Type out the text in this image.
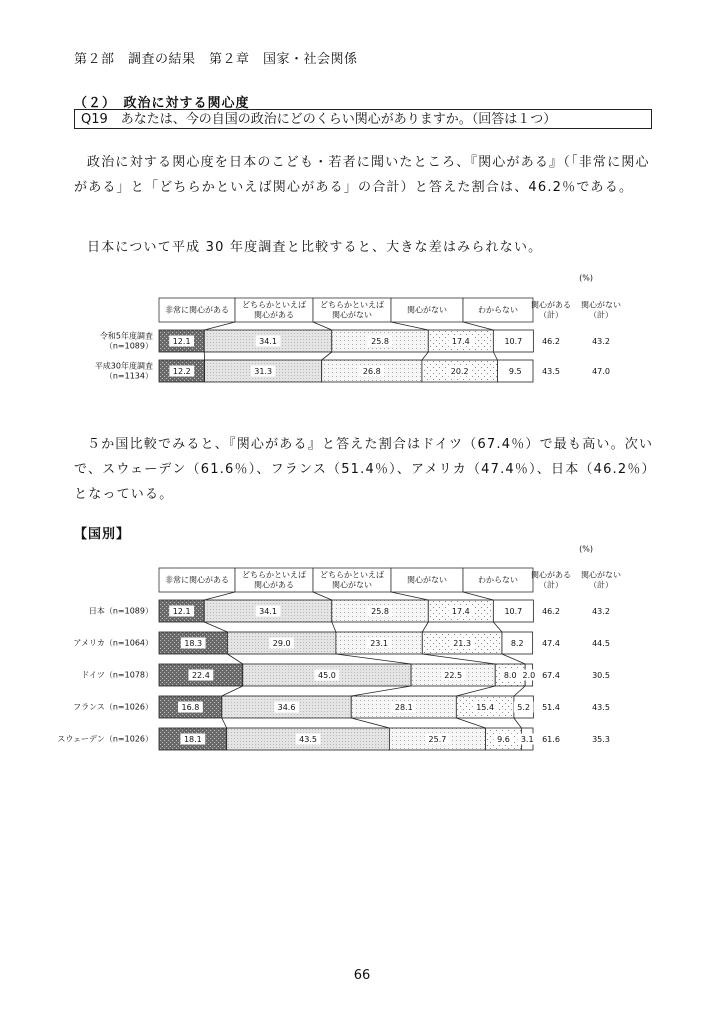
第２部　調査の結果　第２章　国家・社会関係
（２）　政治に対する関心度
Q19　あなたは、今の自国の政治にどのくらい関心がありますか。（回答は１つ）
政治に対する関心度を日本のこども・若者に聞いたところ、『関心がある』（「非常に関心がある」と「どちらかといえば関心がある」の合計）と答えた割合は、46.2％である。
日本について平成 30 年度調査と比較すると、大きな差はみられない。
(%)
非常に関心がある
どちらかといえば
関心がある
どちらかといえば
関心がない
関心がない	わからない
関心がある
（計）
関心がない
（計）
令和5年度調査
（n=1089） 12.1	34.1	25.8	17.4	10.7 46.2	43.2
平成30年度調査
（n=1134） 12.2	31.3	26.8	20.2	9.5	43.5	47.0
(%)
非常に関心がある
どちらかといえば
関心がある
どちらかといえば
関心がない
関心がない	わからない
関心がある
（計）
関心がない
（計）
日本（n=1089） 12.1	34.1	25.8	17.4	10.7 46.2	43.2
アメリカ（n=1064）	18.3	29.0	23.1	21.3	8.2 47.4	44.5
ドイツ（n=1078）	22.4	45.0	22.5	8.0 2.0 67.4	30.5
フランス（n=1026）	16.8	34.6	28.1	15.4	5.2 51.4	43.5
スウェーデン（n=1026）	18.1	43.5	25.7	9.6 3.1 61.6	35.3
５か国比較でみると、『関心がある』と答えた割合はドイツ（67.4％）で最も高い。次いで、スウェーデン（61.6％）、フランス（51.4％）、アメリカ（47.4％）、日本（46.2％）となっている。
【国別】
66
